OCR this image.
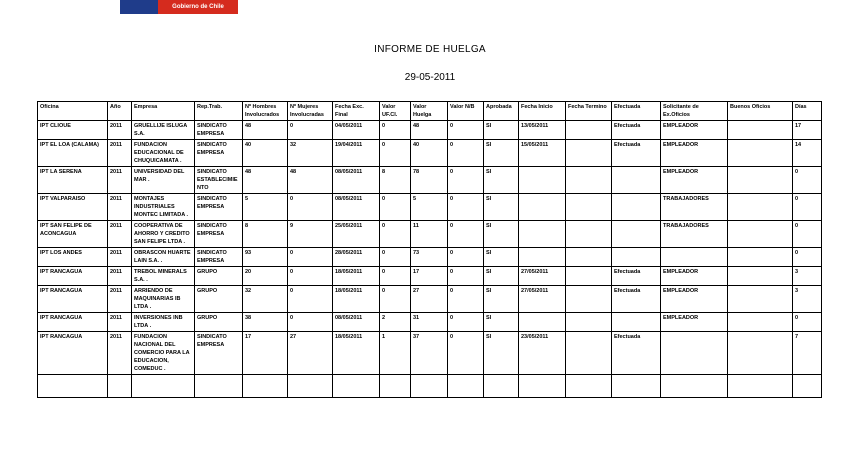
Gobierno de Chile
INFORME DE HUELGA
29-05-2011
Oficina	Año	Empresa	Rep.Trab.	Nº Hombres Involucrados	Nº Mujeres Involucradas	Fecha Exc. Final	Valor UF.CI.	Valor Huelga	Valor N/B	Aprobada	Fecha Inicio	Fecha Termino	Efectuada	Solicitante de Ex.Oficios	Buenos Oficios	Días
IPT CLIOUE	2011	GRUELLIJE ISLUGA S.A.	SINDICATO EMPRESA	48	0	04/05/2011	0	48	0	SI	13/05/2011		Efectuada	EMPLEADOR		17
IPT EL LOA (CALAMA)	2011	FUNDACION EDUCACIONAL DE CHUQUICAMATA .	SINDICATO EMPRESA	40	32	19/04/2011	0	40	0	SI	15/05/2011		Efectuada	EMPLEADOR		14
IPT LA SERENA	2011	UNIVERSIDAD DEL MAR .	SINDICATO ESTABLECIMIENTO	48	48	08/05/2011	8	78	0	SI				EMPLEADOR		0
IPT VALPARAISO	2011	MONTAJES INDUSTRIALES MONTEC LIMITADA .	SINDICATO EMPRESA	5	0	08/05/2011	0	5	0	SI				TRABAJADORES		0
IPT SAN FELIPE DE ACONCAGUA	2011	COOPERATIVA DE AHORRO Y CREDITO SAN FELIPE LTDA .	SINDICATO EMPRESA	8	9	25/05/2011	0	11	0	SI				TRABAJADORES		0
IPT LOS ANDES	2011	OBRASCON HUARTE LAIN S.A. .	SINDICATO EMPRESA	93	0	28/05/2011	0	73	0	SI						0
IPT RANCAGUA	2011	TREBOL MINERALS S.A. .	GRUPO	20	0	18/05/2011	0	17	0	SI	27/05/2011		Efectuada	EMPLEADOR		3
IPT RANCAGUA	2011	ARRIENDO DE MAQUINARIAS IB LTDA .	GRUPO	32	0	18/05/2011	0	27	0	SI	27/05/2011		Efectuada	EMPLEADOR		3
IPT RANCAGUA	2011	INVERSIONES INB LTDA .	GRUPO	38	0	08/05/2011	2	31	0	SI				EMPLEADOR		0
IPT RANCAGUA	2011	FUNDACION NACIONAL DEL COMERCIO PARA LA EDUCACION, COMEDUC .	SINDICATO EMPRESA	17	27	18/05/2011	1	37	0	SI	23/05/2011		Efectuada			7
